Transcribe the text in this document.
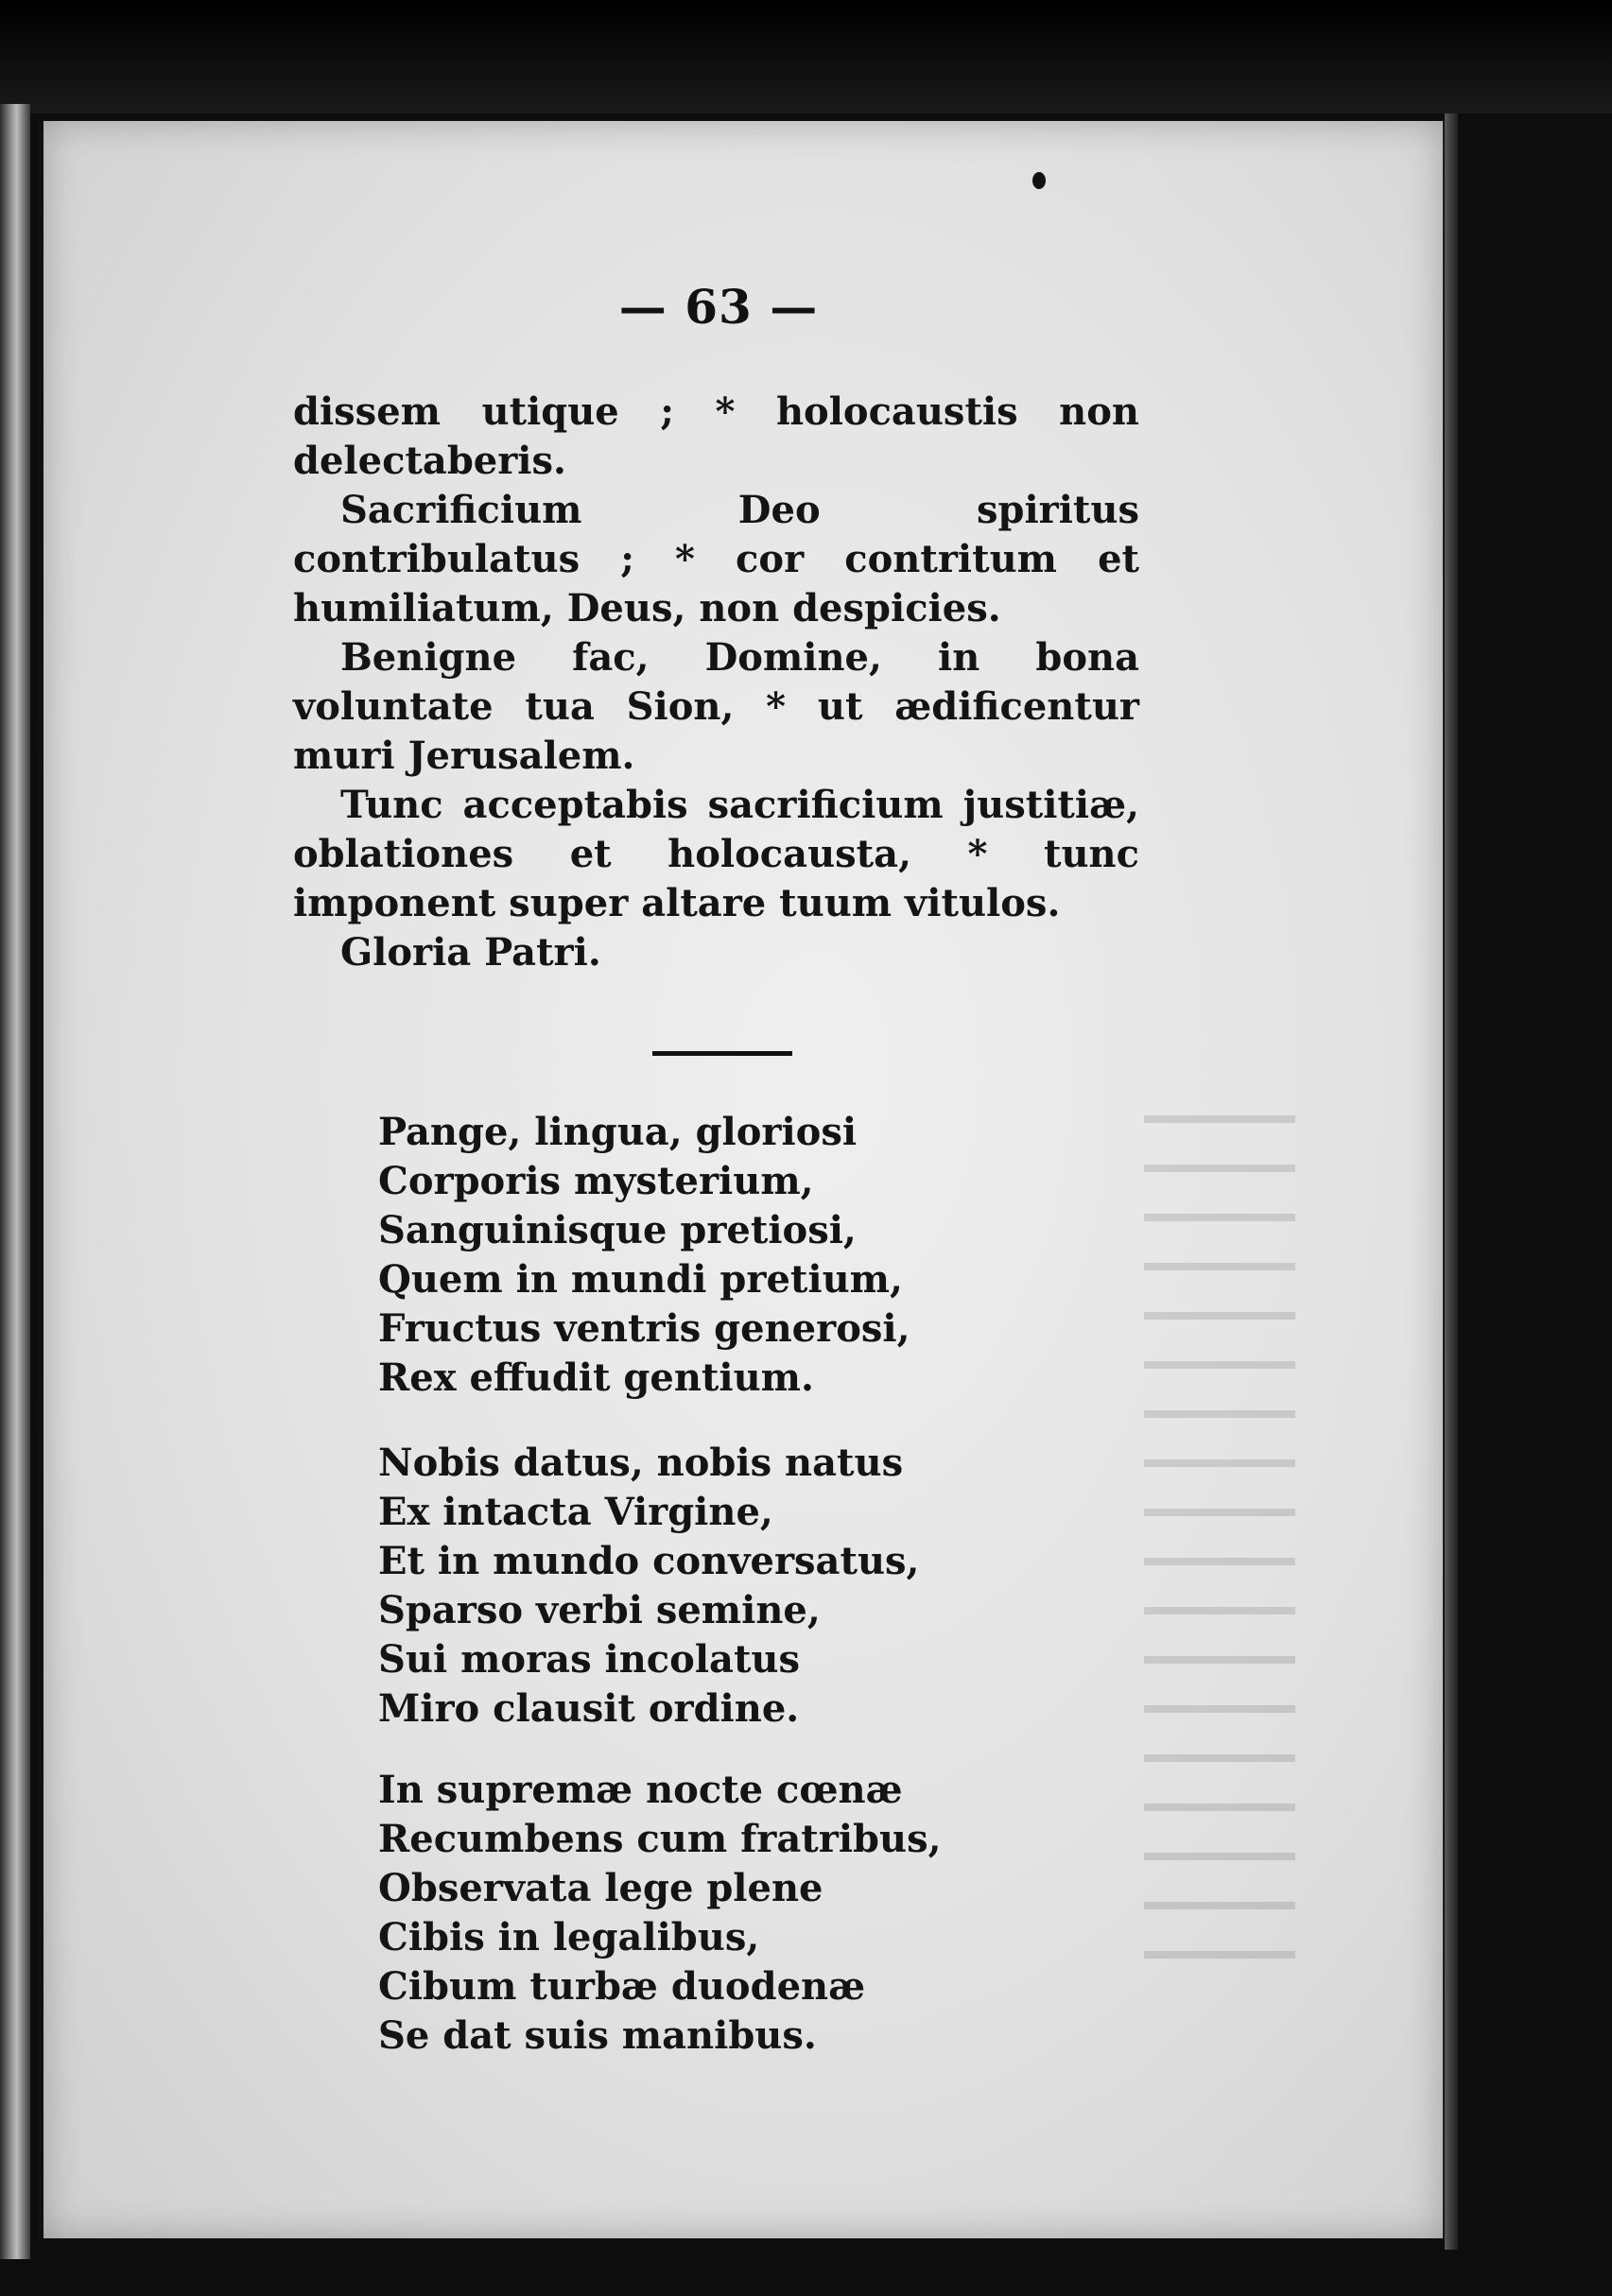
— 63 —

dissem utique ; * holocaustis non delectaberis.

Sacrificium Deo spiritus contribulatus ; * cor contritum et humiliatum, Deus, non despicies.

Benigne fac, Domine, in bona voluntate tua Sion, * ut ædificentur muri Jerusalem.

Tunc acceptabis sacrificium justitiæ, oblationes et holocausta, * tunc imponent super altare tuum vitulos.

Gloria Patri.

Pange, lingua, gloriosi
Corporis mysterium,
Sanguinisque pretiosi,
Quem in mundi pretium,
Fructus ventris generosi,
Rex effudit gentium.
Nobis datus, nobis natus
Ex intacta Virgine,
Et in mundo conversatus,
Sparso verbi semine,
Sui moras incolatus
Miro clausit ordine.
In supremæ nocte cœnæ
Recumbens cum fratribus,
Observata lege plene
Cibis in legalibus,
Cibum turbæ duodenæ
Se dat suis manibus.
